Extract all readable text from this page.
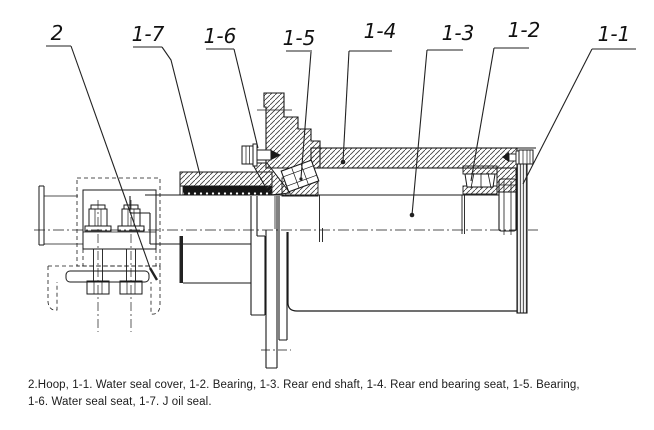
2	1-7 1-6 1-5 1-4 1-3 1-2	1-1
2.Hoop, 1-1. Water seal cover, 1-2. Bearing, 1-3. Rear end shaft, 1-4. Rear end bearing seat, 1-5. Bearing,
1-6. Water seal seat, 1-7. J oil seal.
